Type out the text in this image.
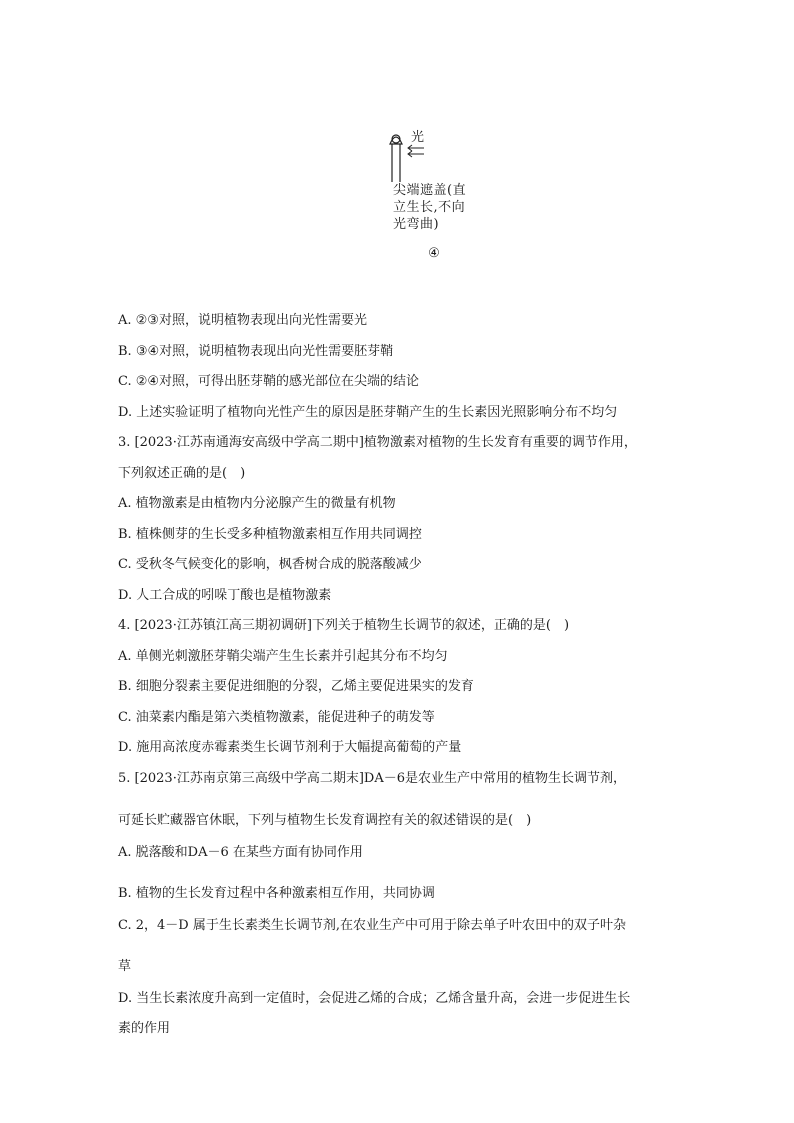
光
尖端遮盖(直
立生长,不向
光弯曲)
④
A. ②③对照，说明植物表现出向光性需要光
B. ③④对照，说明植物表现出向光性需要胚芽鞘
C. ②④对照，可得出胚芽鞘的感光部位在尖端的结论
D. 上述实验证明了植物向光性产生的原因是胚芽鞘产生的生长素因光照影响分布不均匀
3. [2023·江苏南通海安高级中学高二期中]植物激素对植物的生长发育有重要的调节作用，
下列叙述正确的是(　)
A. 植物激素是由植物内分泌腺产生的微量有机物
B. 植株侧芽的生长受多种植物激素相互作用共同调控
C. 受秋冬气候变化的影响，枫香树合成的脱落酸减少
D. 人工合成的吲哚丁酸也是植物激素
4. [2023·江苏镇江高三期初调研]下列关于植物生长调节的叙述，正确的是(　)
A. 单侧光刺激胚芽鞘尖端产生生长素并引起其分布不均匀
B. 细胞分裂素主要促进细胞的分裂，乙烯主要促进果实的发育
C. 油菜素内酯是第六类植物激素，能促进种子的萌发等
D. 施用高浓度赤霉素类生长调节剂利于大幅提高葡萄的产量
5. [2023·江苏南京第三高级中学高二期末]DA－6是农业生产中常用的植物生长调节剂，
可延长贮藏器官休眠，下列与植物生长发育调控有关的叙述错误的是(　)
A. 脱落酸和DA－6 在某些方面有协同作用
B. 植物的生长发育过程中各种激素相互作用，共同协调
C. 2，4－D 属于生长素类生长调节剂,在农业生产中可用于除去单子叶农田中的双子叶杂
草
D. 当生长素浓度升高到一定值时，会促进乙烯的合成；乙烯含量升高，会进一步促进生长
素的作用
